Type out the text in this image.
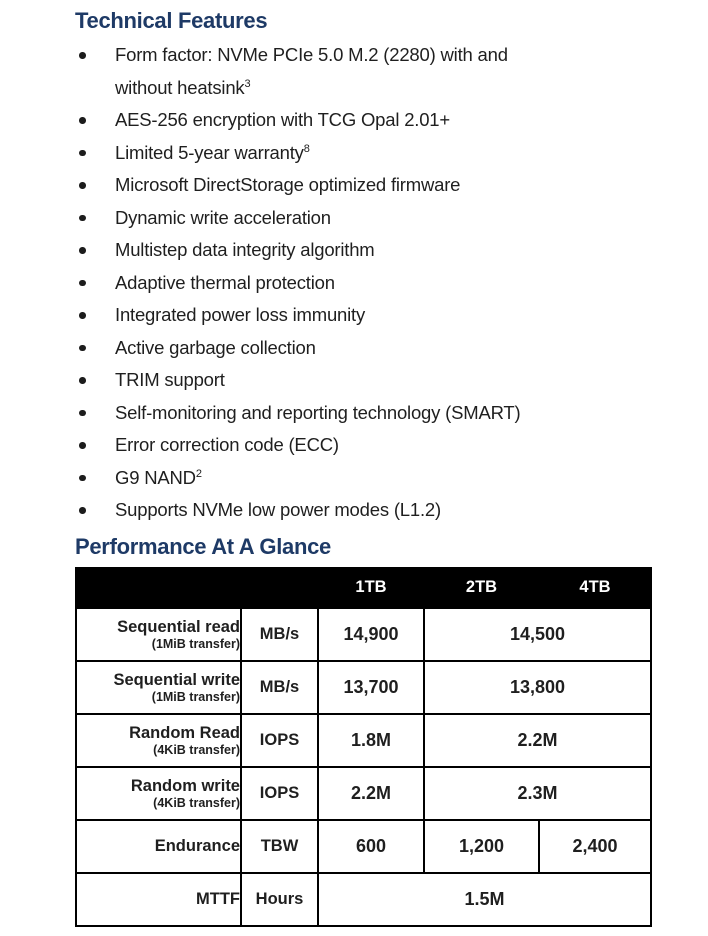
Technical Features
Form factor: NVMe PCIe 5.0 M.2 (2280) with and
without heatsink$^3$
AES-256 encryption with TCG Opal 2.01+
Limited 5-year warranty$^8$
Microsoft DirectStorage optimized firmware
Dynamic write acceleration
Multistep data integrity algorithm
Adaptive thermal protection
Integrated power loss immunity
Active garbage collection
TRIM support
Self-monitoring and reporting technology (SMART)
Error correction code (ECC)
G9 NAND$^2$
Supports NVMe low power modes (L1.2)
Performance At A Glance
		1TB	2TB	4TB

Sequential read
(1MiB transfer)	MB/s	14,900	14,500	

Sequential write
(1MiB transfer)	MB/s	13,700	13,800	

Random Read
(4KiB transfer)	IOPS	1.8M	2.2M	

Random write
(4KiB transfer)	IOPS	2.2M	2.3M	

Endurance	TBW	600	1,200	2,400

MTTF	Hours	1.5M		
